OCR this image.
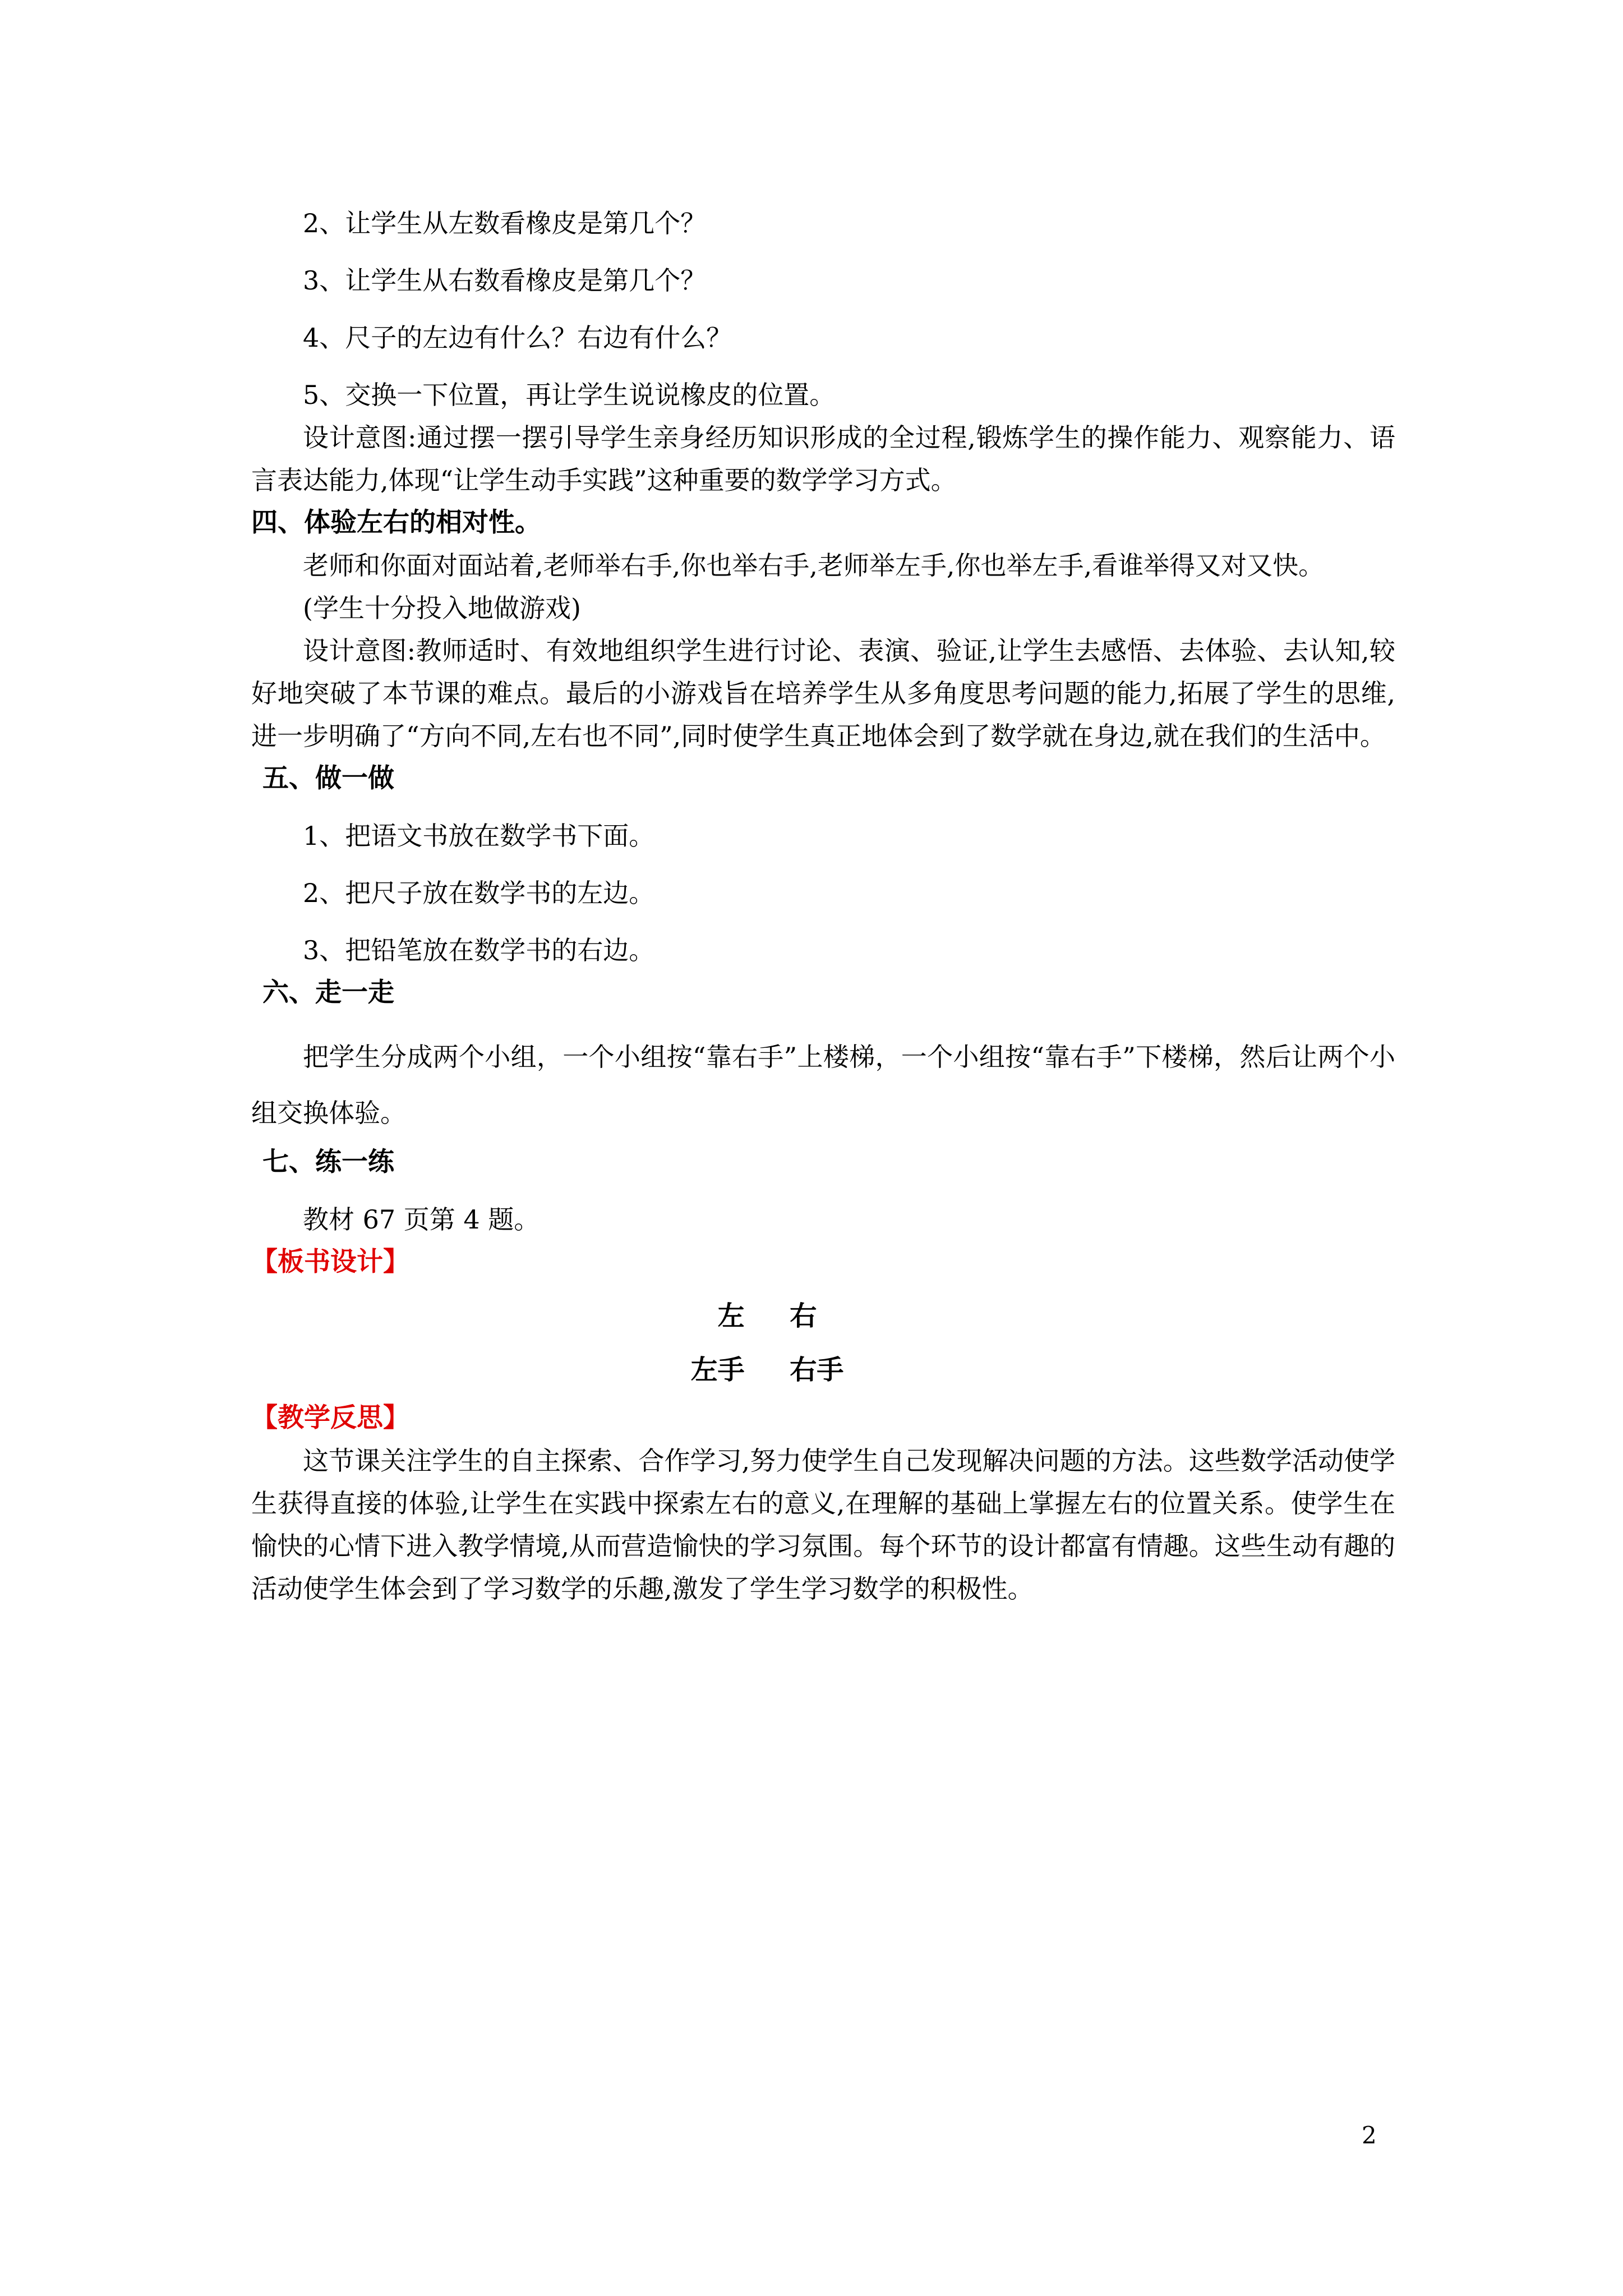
2、让学生从左数看橡皮是第几个？

3、让学生从右数看橡皮是第几个？

4、尺子的左边有什么？右边有什么？

5、交换一下位置，再让学生说说橡皮的位置。

设计意图:通过摆一摆引导学生亲身经历知识形成的全过程,锻炼学生的操作能力、观察能力、语言表达能力,体现“让学生动手实践”这种重要的数学学习方式。

四、体验左右的相对性。

老师和你面对面站着,老师举右手,你也举右手,老师举左手,你也举左手,看谁举得又对又快。

(学生十分投入地做游戏)

设计意图:教师适时、有效地组织学生进行讨论、表演、验证,让学生去感悟、去体验、去认知,较好地突破了本节课的难点。最后的小游戏旨在培养学生从多角度思考问题的能力,拓展了学生的思维,进一步明确了“方向不同,左右也不同”,同时使学生真正地体会到了数学就在身边,就在我们的生活中。

五、做一做

1、把语文书放在数学书下面。

2、把尺子放在数学书的左边。

3、把铅笔放在数学书的右边。

六、走一走

把学生分成两个小组，一个小组按“靠右手”上楼梯，一个小组按“靠右手”下楼梯，然后让两个小组交换体验。

七、练一练

教材 67 页第 4 题。

【板书设计】

左 右

左手 右手

【教学反思】

这节课关注学生的自主探索、合作学习,努力使学生自己发现解决问题的方法。这些数学活动使学生获得直接的体验,让学生在实践中探索左右的意义,在理解的基础上掌握左右的位置关系。使学生在愉快的心情下进入教学情境,从而营造愉快的学习氛围。每个环节的设计都富有情趣。这些生动有趣的活动使学生体会到了学习数学的乐趣,激发了学生学习数学的积极性。

2
